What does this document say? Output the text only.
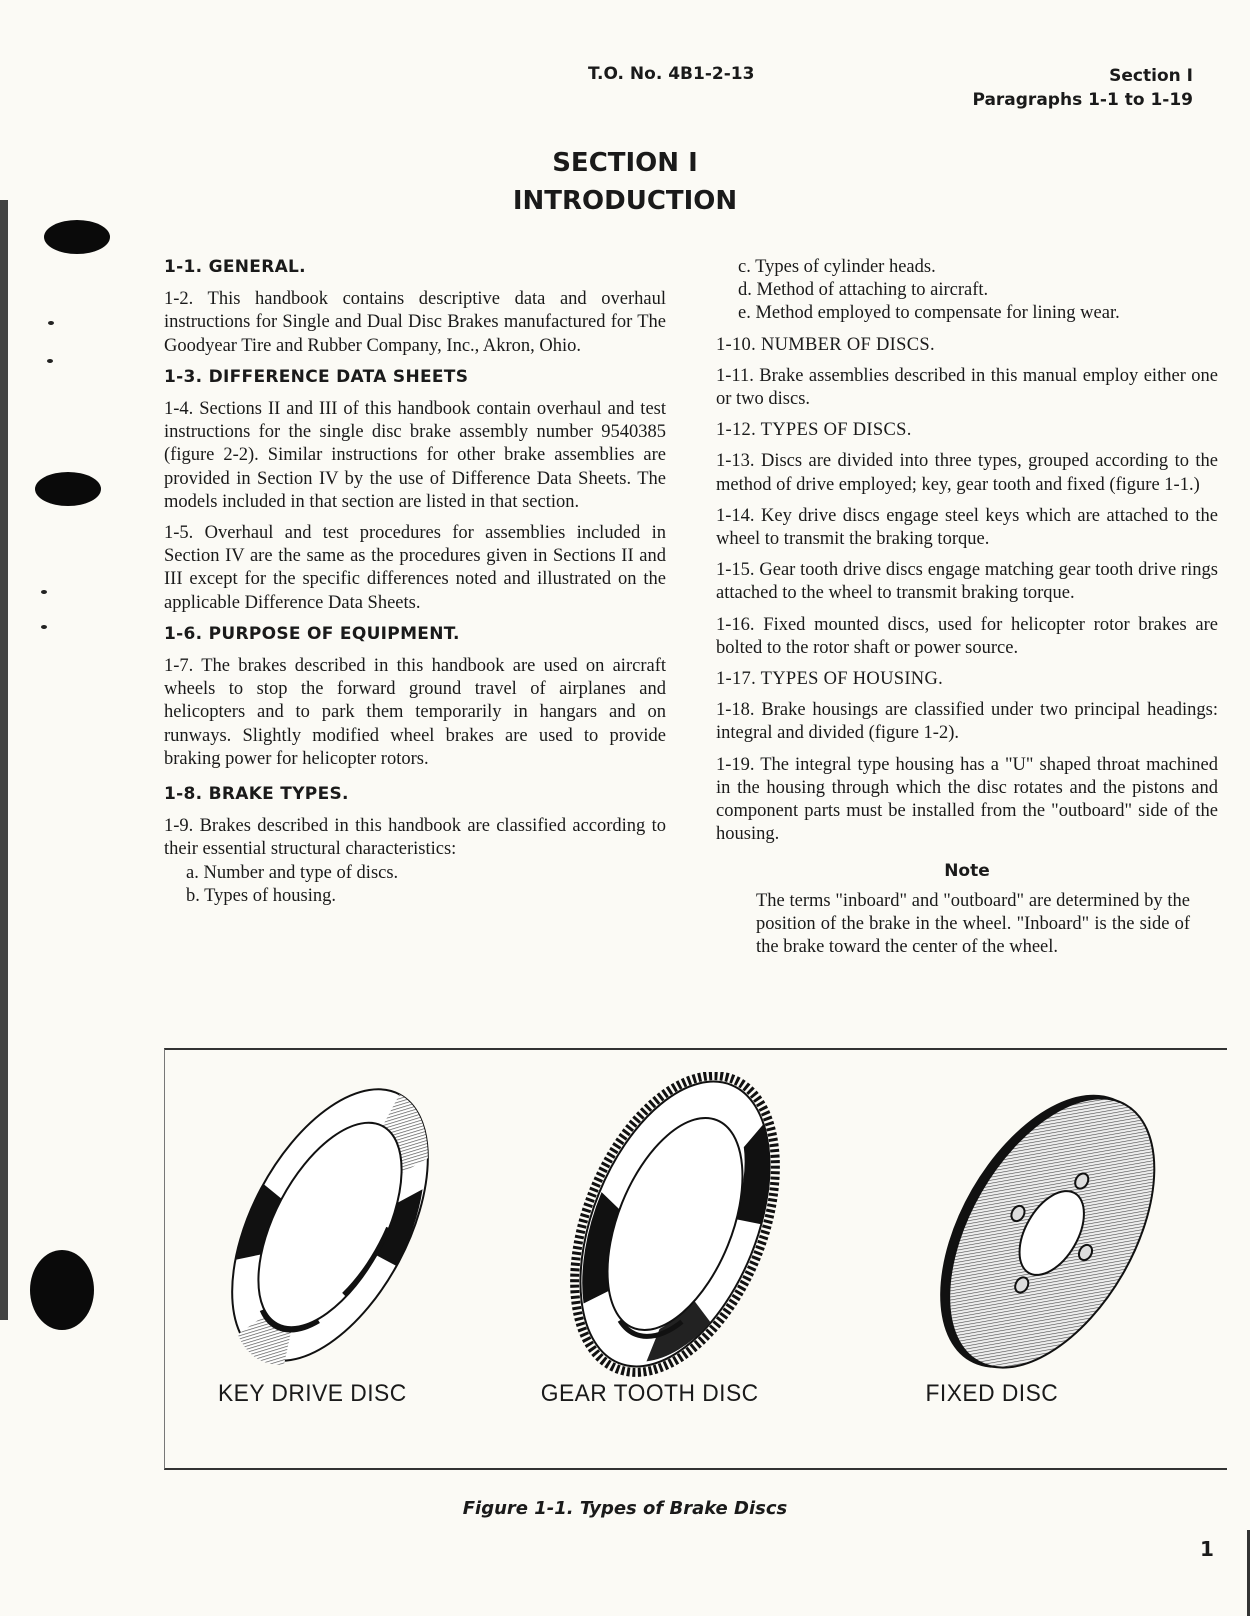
T.O. No. 4B1-2-13	Section I
Paragraphs 1-1 to 1-19
SECTION I
INTRODUCTION
1-1. GENERAL.

1-2. This handbook contains descriptive data and overhaul instructions for Single and Dual Disc Brakes manufactured for The Goodyear Tire and Rubber Company, Inc., Akron, Ohio.

1-3. DIFFERENCE DATA SHEETS

1-4. Sections II and III of this handbook contain overhaul and test instructions for the single disc brake assembly number 9540385 (figure 2-2). Similar instructions for other brake assemblies are provided in Section IV by the use of Difference Data Sheets. The models included in that section are listed in that section.

1-5. Overhaul and test procedures for assemblies included in Section IV are the same as the procedures given in Sections II and III except for the specific differences noted and illustrated on the applicable Difference Data Sheets.

1-6. PURPOSE OF EQUIPMENT.

1-7. The brakes described in this handbook are used on aircraft wheels to stop the forward ground travel of airplanes and helicopters and to park them temporarily in hangars and on runways. Slightly modified wheel brakes are used to provide braking power for helicopter rotors.

1-8. BRAKE TYPES.

1-9. Brakes described in this handbook are classified according to their essential structural characteristics:

a. Number and type of discs.
b. Types of housing.
c. Types of cylinder heads.
d. Method of attaching to aircraft.
e. Method employed to compensate for lining wear.
1-10. NUMBER OF DISCS.

1-11. Brake assemblies described in this manual employ either one or two discs.

1-12. TYPES OF DISCS.

1-13. Discs are divided into three types, grouped according to the method of drive employed; key, gear tooth and fixed (figure 1-1.)

1-14. Key drive discs engage steel keys which are attached to the wheel to transmit the braking torque.

1-15. Gear tooth drive discs engage matching gear tooth drive rings attached to the wheel to transmit braking torque.

1-16. Fixed mounted discs, used for helicopter rotor brakes are bolted to the rotor shaft or power source.

1-17. TYPES OF HOUSING.

1-18. Brake housings are classified under two principal headings: integral and divided (figure 1-2).

1-19. The integral type housing has a "U" shaped throat machined in the housing through which the disc rotates and the pistons and component parts must be installed from the "outboard" side of the housing.

Note
The terms "inboard" and "outboard" are determined by the position of the brake in the wheel. "Inboard" is the side of the brake toward the center of the wheel.
KEY DRIVE DISC	GEAR TOOTH DISC	FIXED DISC
Figure 1-1. Types of Brake Discs
1
